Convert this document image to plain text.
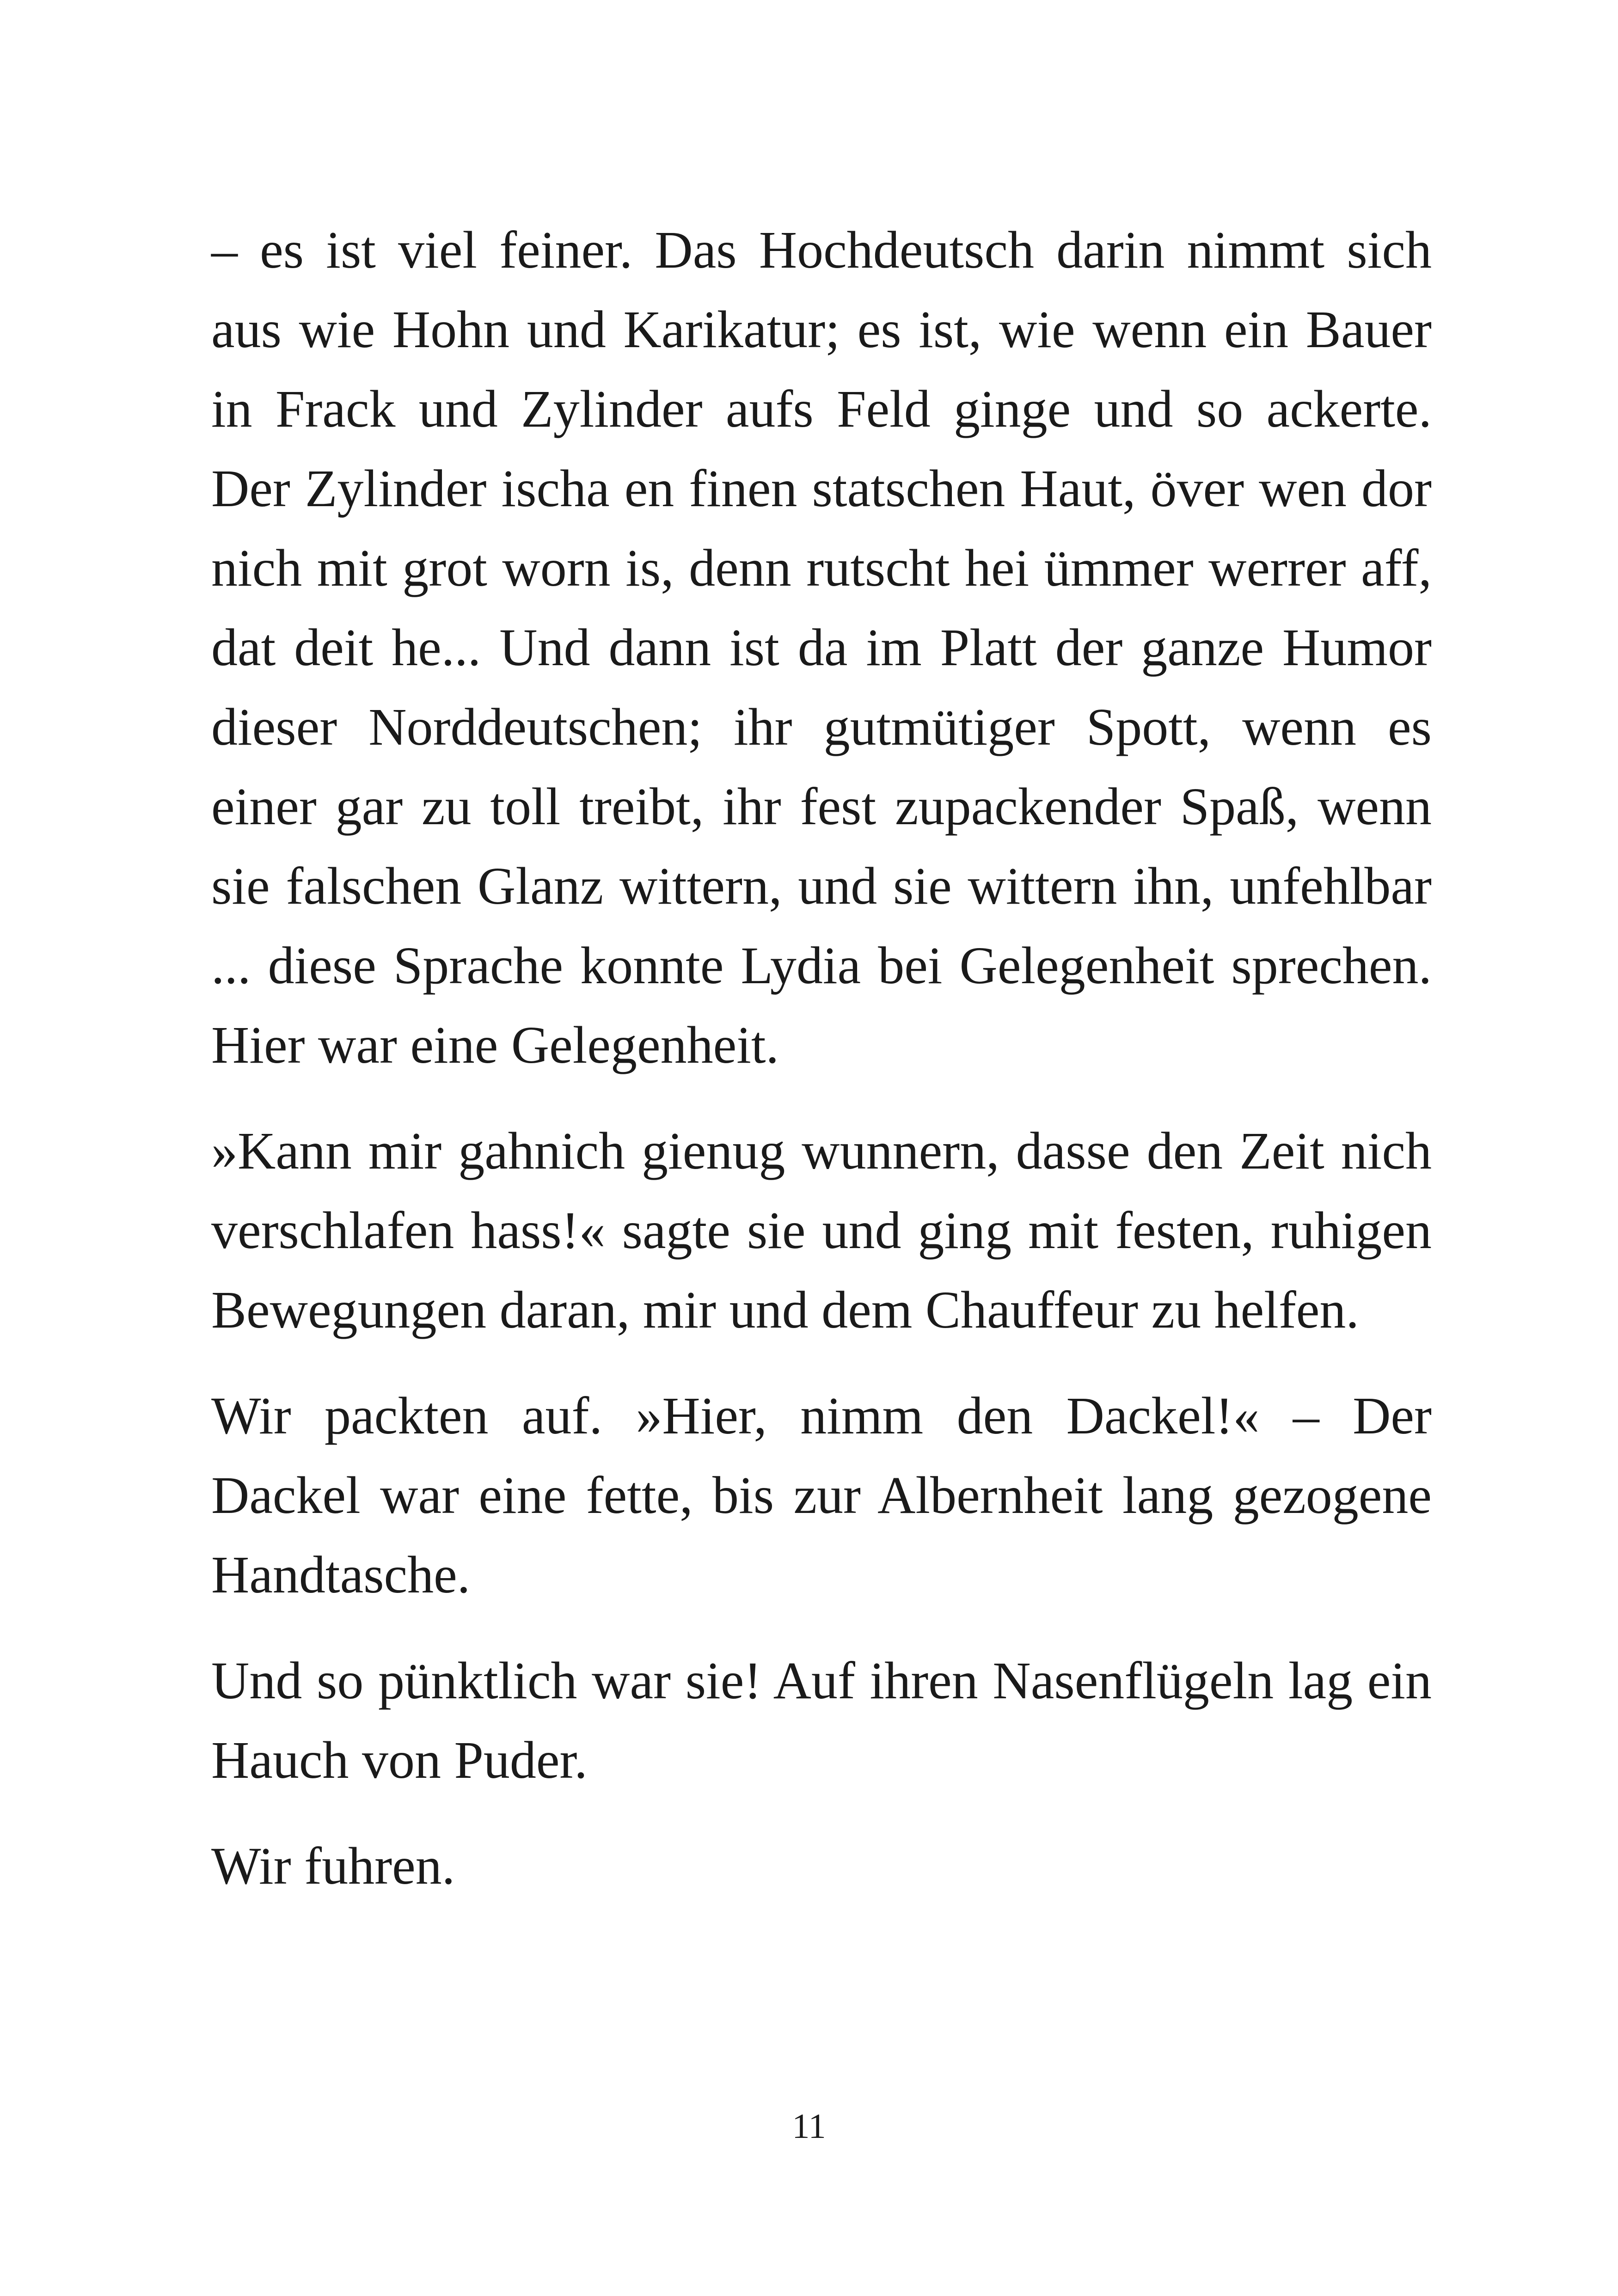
– es ist viel feiner. Das Hochdeutsch darin nimmt sich aus wie Hohn und Karikatur; es ist, wie wenn ein Bauer in Frack und Zylinder aufs Feld ginge und so ackerte. Der Zylinder ischa en finen statschen Haut, över wen dor nich mit grot worn is, denn rutscht hei ümmer werrer aff, dat deit he... Und dann ist da im Platt der ganze Humor dieser Norddeutschen; ihr gutmütiger Spott, wenn es einer gar zu toll treibt, ihr fest zupackender Spaß, wenn sie falschen Glanz wittern, und sie wittern ihn, unfehlbar ... diese Sprache konnte Lydia bei Gelegenheit sprechen. Hier war eine Gelegenheit.

»Kann mir gahnich gienug wunnern, dasse den Zeit nich verschlafen hass!« sagte sie und ging mit festen, ruhigen Bewegungen daran, mir und dem Chauffeur zu helfen.

Wir packten auf. »Hier, nimm den Dackel!« – Der Dackel war eine fette, bis zur Albernheit lang gezogene Handtasche.

Und so pünktlich war sie! Auf ihren Nasenflügeln lag ein Hauch von Puder.

Wir fuhren.

11
